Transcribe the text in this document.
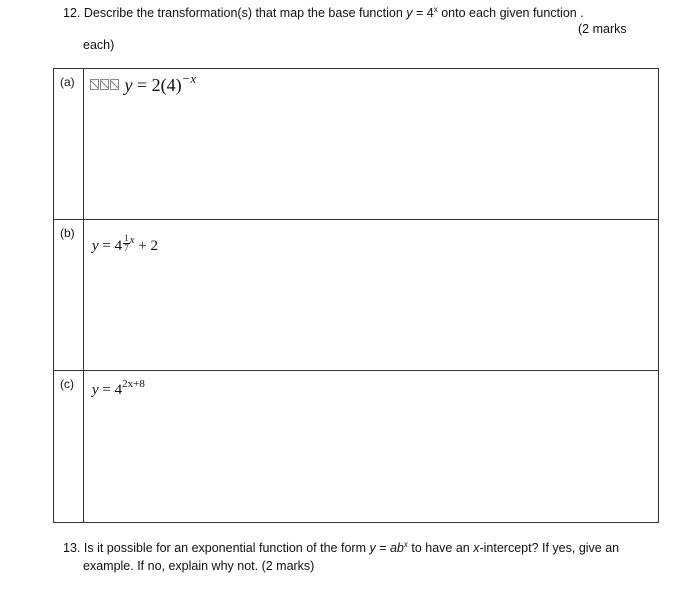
12. Describe the transformation(s) that map the base function $y = 4^x$ onto each given function .
(2 marks
each)
(a)	$y = 2(4)^{-x}$

(b)	$y = 4 \frac{1}{7} ^x + 2$

(c)	$y = 4^{2x+8}$
13. Is it possible for an exponential function of the form $y = ab^x$ to have an x-intercept? If yes, give an
example. If no, explain why not. (2 marks)
